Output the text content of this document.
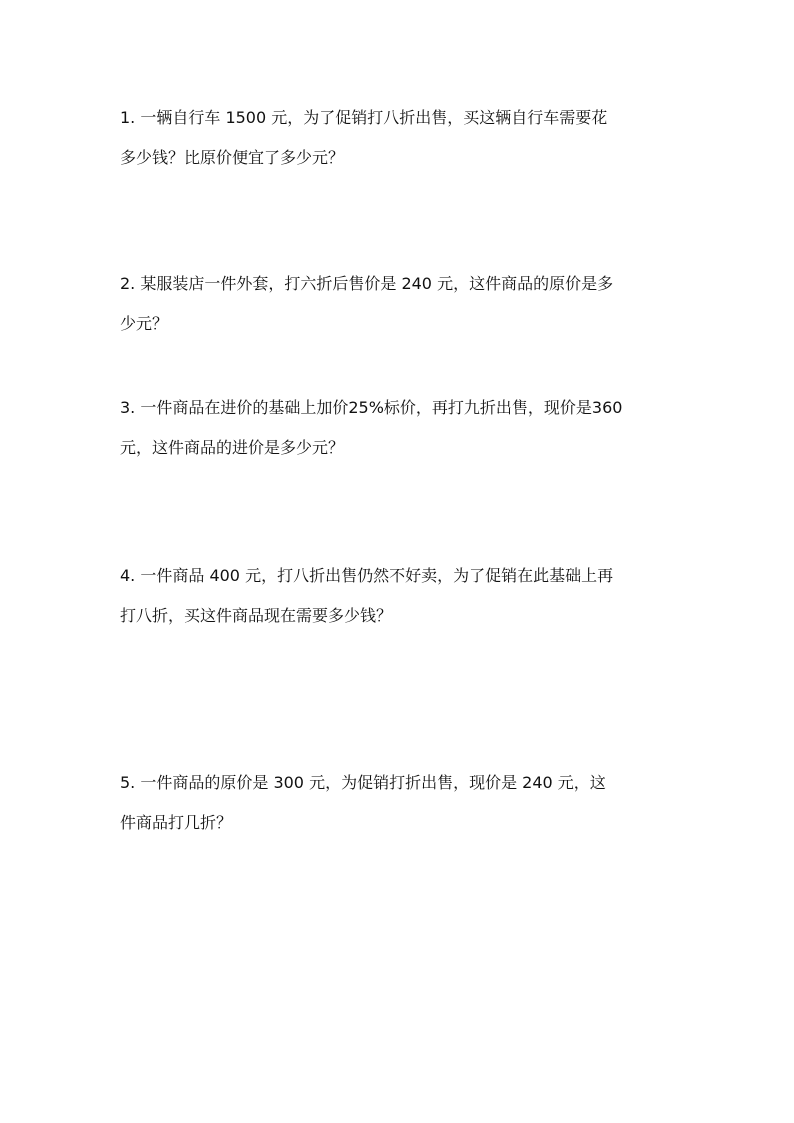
1. 一辆自行车 1500 元，为了促销打八折出售，买这辆自行车需要花
多少钱？比原价便宜了多少元？

2. 某服装店一件外套，打六折后售价是 240 元，这件商品的原价是多
少元？

3. 一件商品在进价的基础上加价25%标价，再打九折出售，现价是360
元，这件商品的进价是多少元？

4. 一件商品 400 元，打八折出售仍然不好卖，为了促销在此基础上再
打八折，买这件商品现在需要多少钱？

5. 一件商品的原价是 300 元，为促销打折出售，现价是 240 元，这
件商品打几折？
